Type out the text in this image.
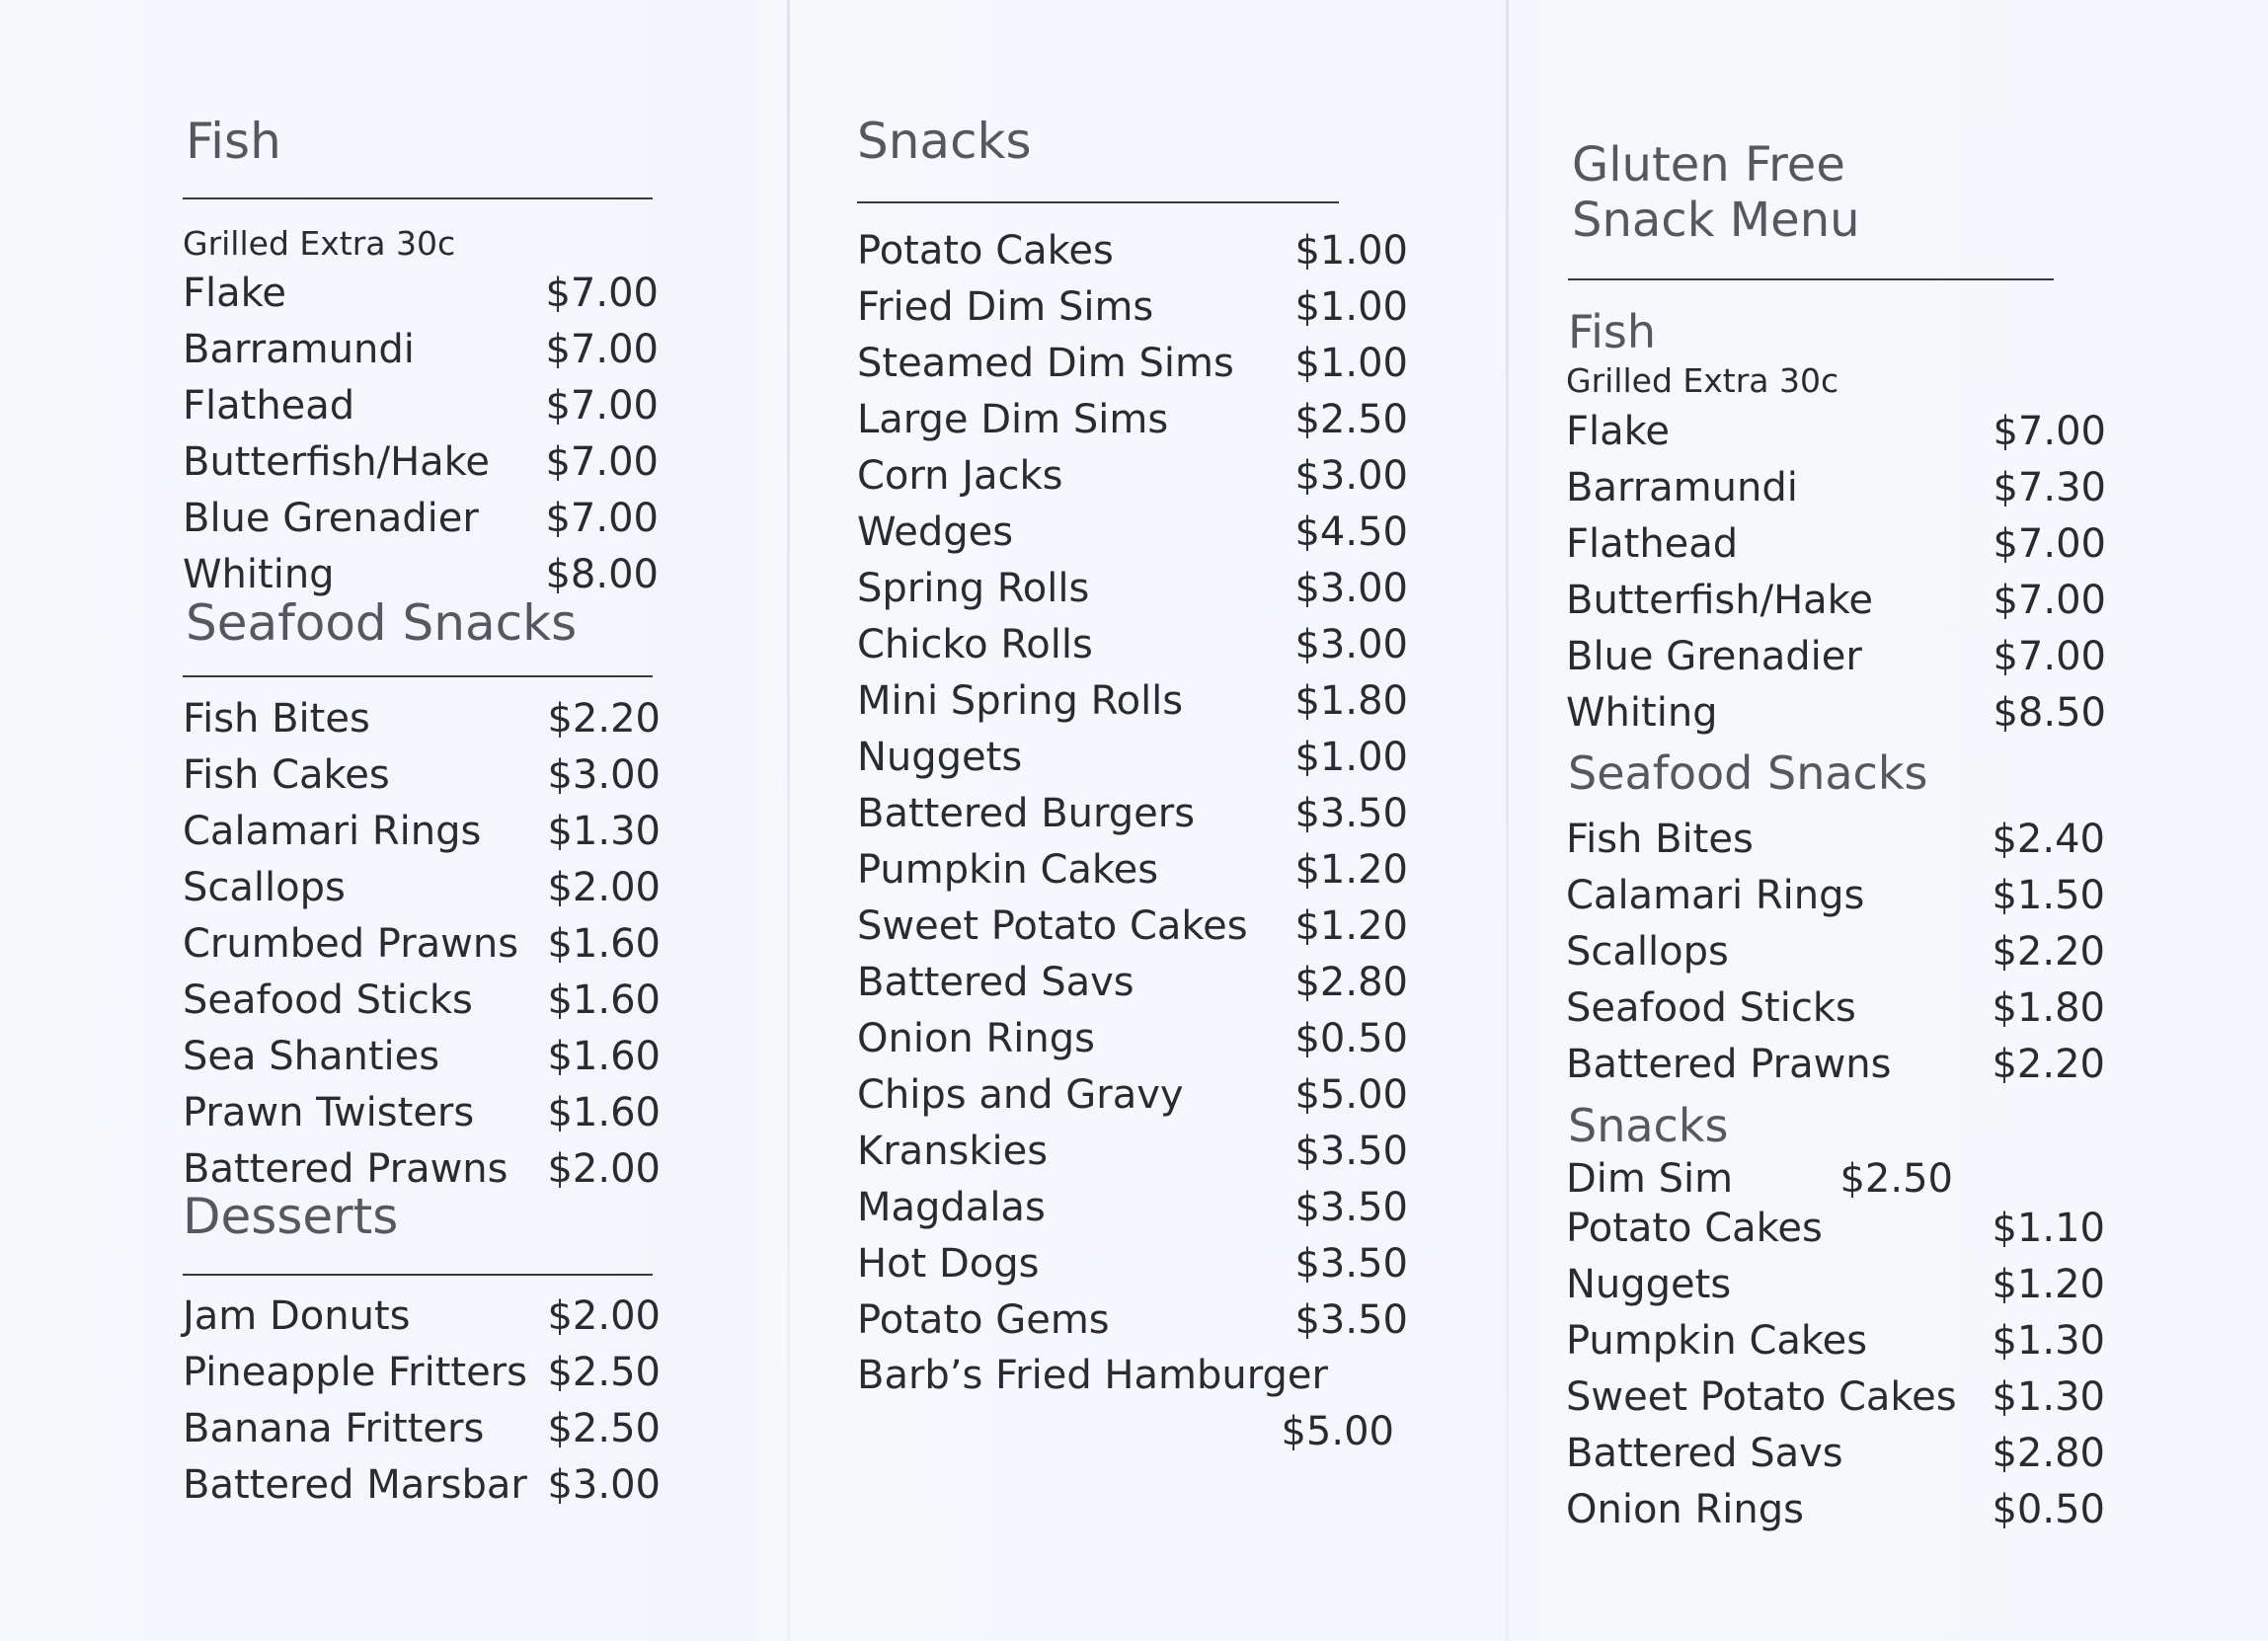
Fish
Grilled Extra 30c
Flake	$7.00
Barramundi	$7.00
Flathead	$7.00
Butterfish/Hake	$7.00
Blue Grenadier	$7.00
Whiting	$8.00
Seafood Snacks
Fish Bites	$2.20
Fish Cakes	$3.00
Calamari Rings	$1.30
Scallops	$2.00
Crumbed Prawns $1.60
Seafood Sticks	$1.60
Sea Shanties	$1.60
Prawn Twisters	$1.60
Battered Prawns $2.00
Desserts
Jam Donuts	$2.00
Pineapple Fritters $2.50
Banana Fritters	$2.50
Battered Marsbar $3.00
Snacks
Potato Cakes	$1.00
Fried Dim Sims	$1.00
Steamed Dim Sims	$1.00
Large Dim Sims	$2.50
Corn Jacks	$3.00
Wedges	$4.50
Spring Rolls	$3.00
Chicko Rolls	$3.00
Mini Spring Rolls	$1.80
Nuggets	$1.00
Battered Burgers	$3.50
Pumpkin Cakes	$1.20
Sweet Potato Cakes	$1.20
Battered Savs	$2.80
Onion Rings	$0.50
Chips and Gravy	$5.00
Kranskies	$3.50
Magdalas	$3.50
Hot Dogs	$3.50
Potato Gems	$3.50
Barb’s Fried Hamburger
$5.00
Gluten Free
Snack Menu
Fish
Grilled Extra 30c
Flake	$7.00
Barramundi	$7.30
Flathead	$7.00
Butterfish/Hake	$7.00
Blue Grenadier	$7.00
Whiting	$8.50
Seafood Snacks
Fish Bites	$2.40
Calamari Rings	$1.50
Scallops	$2.20
Seafood Sticks	$1.80
Battered Prawns	$2.20
Snacks
Dim Sim	$2.50
Potato Cakes	$1.10
Nuggets	$1.20
Pumpkin Cakes	$1.30
Sweet Potato Cakes $1.30
Battered Savs	$2.80
Onion Rings	$0.50
